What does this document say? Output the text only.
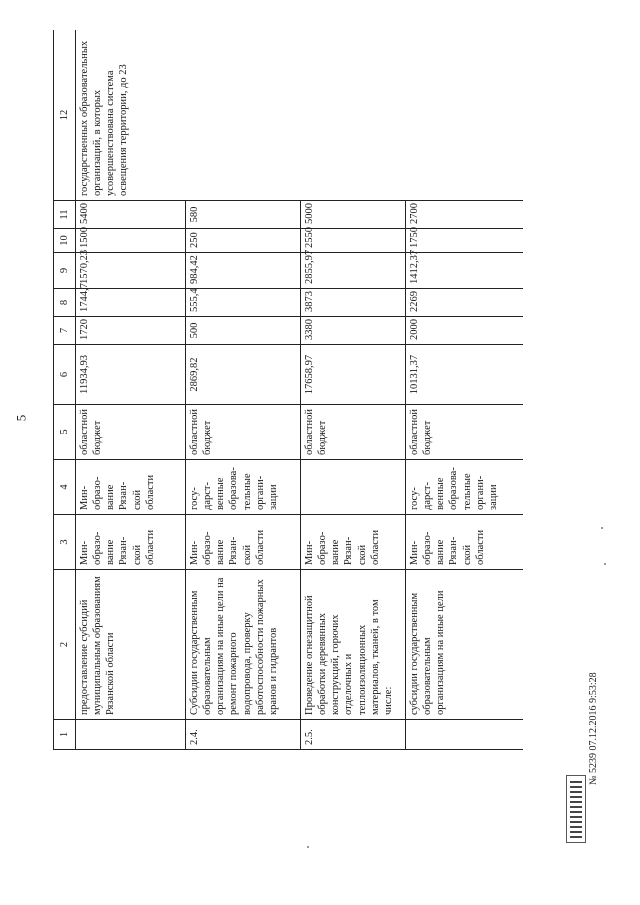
5
1	2	3	4	5	6	7	8	9	10	11	12
	предоставление субсидий муниципальным образованиям Рязанской области	Мин-образо-вание Рязан-ской области	Мин-образо-вание Рязан-ской области	областной бюджет	11934,93	1720	1744,7	1570,23	1500	5400	государственных образовательных организаций, в которых усовершенствована система освещения территории, до 23
2.4.	Субсидии государственным образовательным организациям на иные цели на ремонт пожарного водопровода, проверку работоспособности пожарных кранов и гидрантов	Мин-образо-вание Рязан-ской области	госу-дарст-венные образова-тельные органи-зации	областной бюджет	2869,82	500	555,4	984,42	250	580	
2.5.	Проведение огнезащитной обработки деревянных конструкций, горючих отделочных и теплоизоляционных материалов, тканей, в том числе:	Мин-образо-вание Рязан-ской области		областной бюджет	17658,97	3380	3873	2855,97	2550	5000	
	субсидии государственным образовательным организациям на иные цели	Мин-образо-вание Рязан-ской области	госу-дарст-венные образова-тельные органи-зации	областной бюджет	10131,37	2000	2269	1412,37	1750	2700	
№ 5239 07.12.2016 9:53:28
